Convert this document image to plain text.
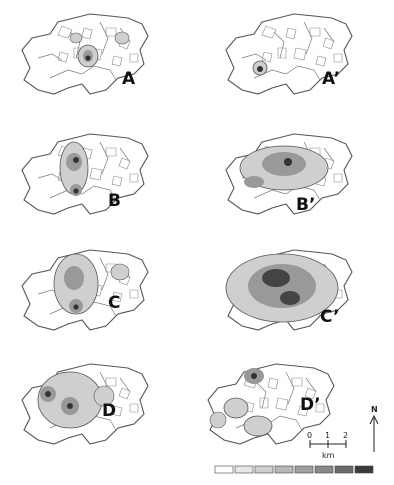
A	A’
B	B’
C
C’
D	D’
0 1 2
km
N
